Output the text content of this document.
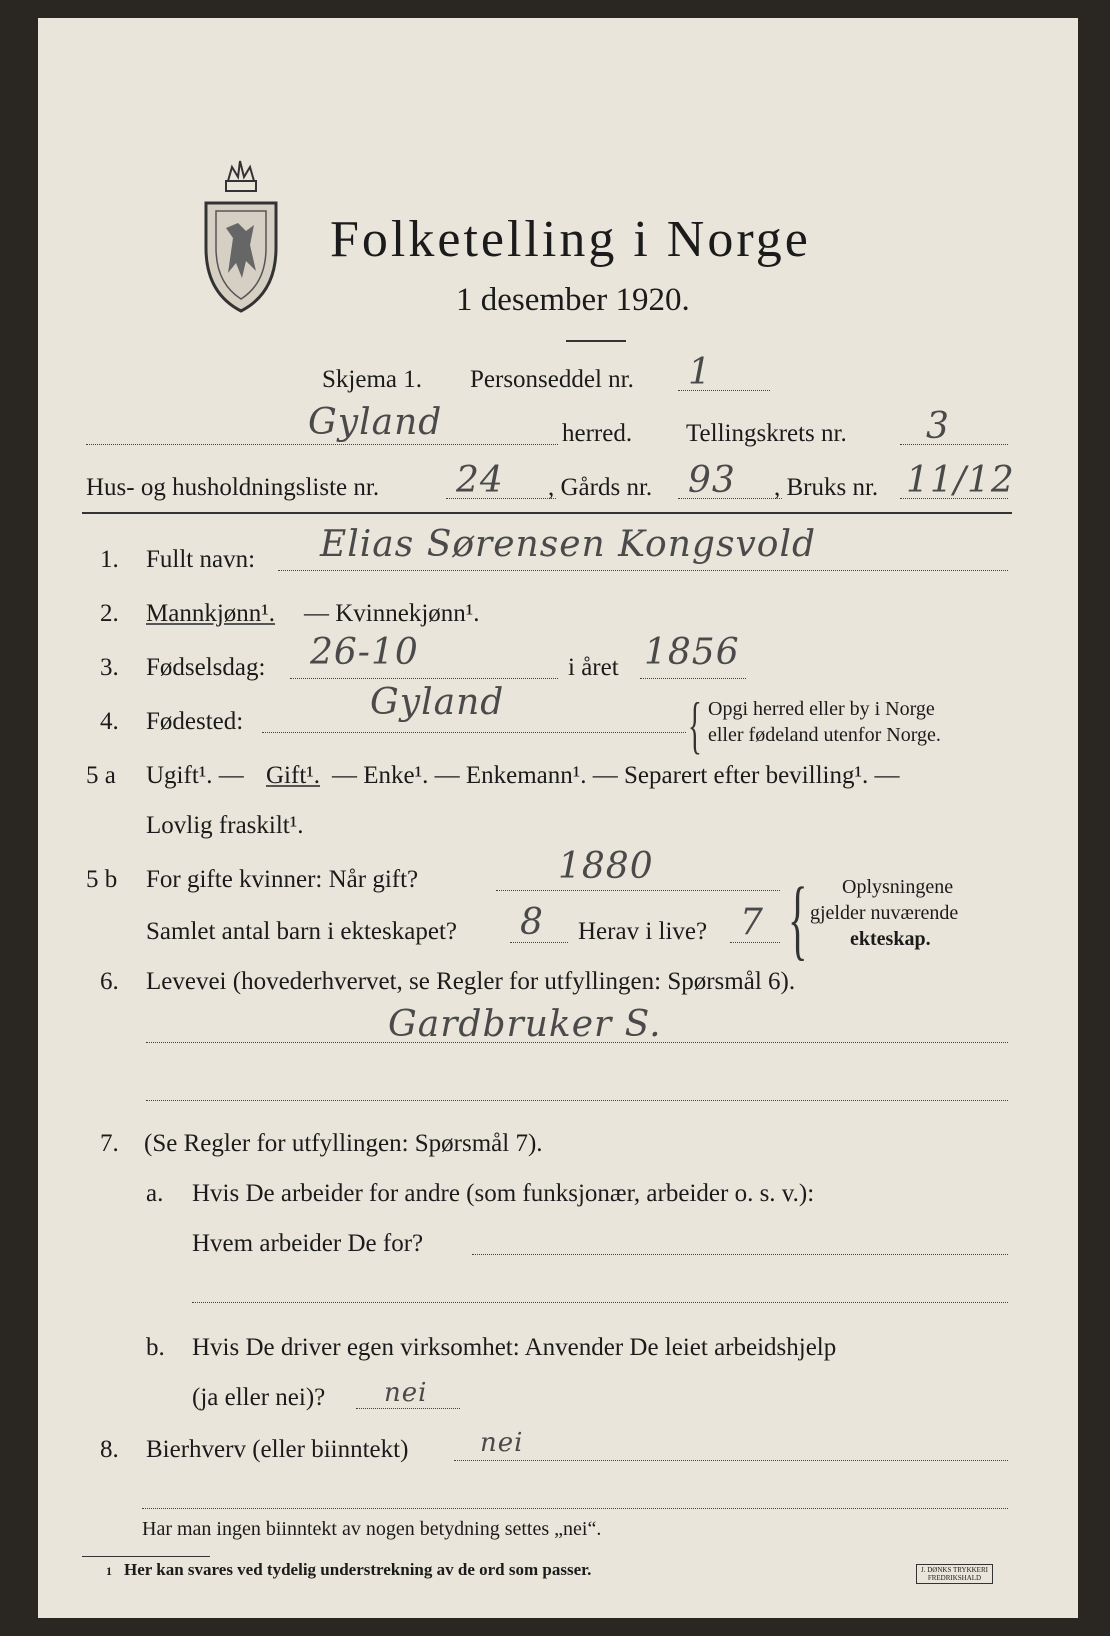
Folketelling i Norge
1 desember 1920.
Skjema 1. Personseddel nr. 1
Gyland	herred. Tellingskrets nr. 3
Hus- og husholdningsliste nr. 24 , Gårds nr. 93 , Bruks nr. 11/12
1. Fullt navn: Elias Sørensen Kongsvold
2. Mannkjønn¹. — Kvinnekjønn¹.
3. Fødselsdag: 26-10	i året 1856
4. Fødested:	Gyland	{ Opgi herred eller by i Norge
eller fødeland utenfor Norge.
5 a Ugift¹. — Gift¹. — Enke¹. — Enkemann¹. — Separert efter bevilling¹. —
Lovlig fraskilt¹.
5 b For gifte kvinner: Når gift?	1880
Samlet antal barn i ekteskapet? 8 Herav i live? 7 { Oplysningene
gjelder nuværende
ekteskap.
6. Levevei (hovederhvervet, se Regler for utfyllingen: Spørsmål 6).
Gardbruker S.
7. (Se Regler for utfyllingen: Spørsmål 7).
a. Hvis De arbeider for andre (som funksjonær, arbeider o. s. v.):
Hvem arbeider De for?
b. Hvis De driver egen virksomhet: Anvender De leiet arbeidshjelp
(ja eller nei)? nei
8. Bierhverv (eller biinntekt)	nei
Har man ingen biinntekt av nogen betydning settes „nei“.
1 Her kan svares ved tydelig understrekning av de ord som passer.	J. DØNKS TRYKKERI
FREDRIKSHALD
